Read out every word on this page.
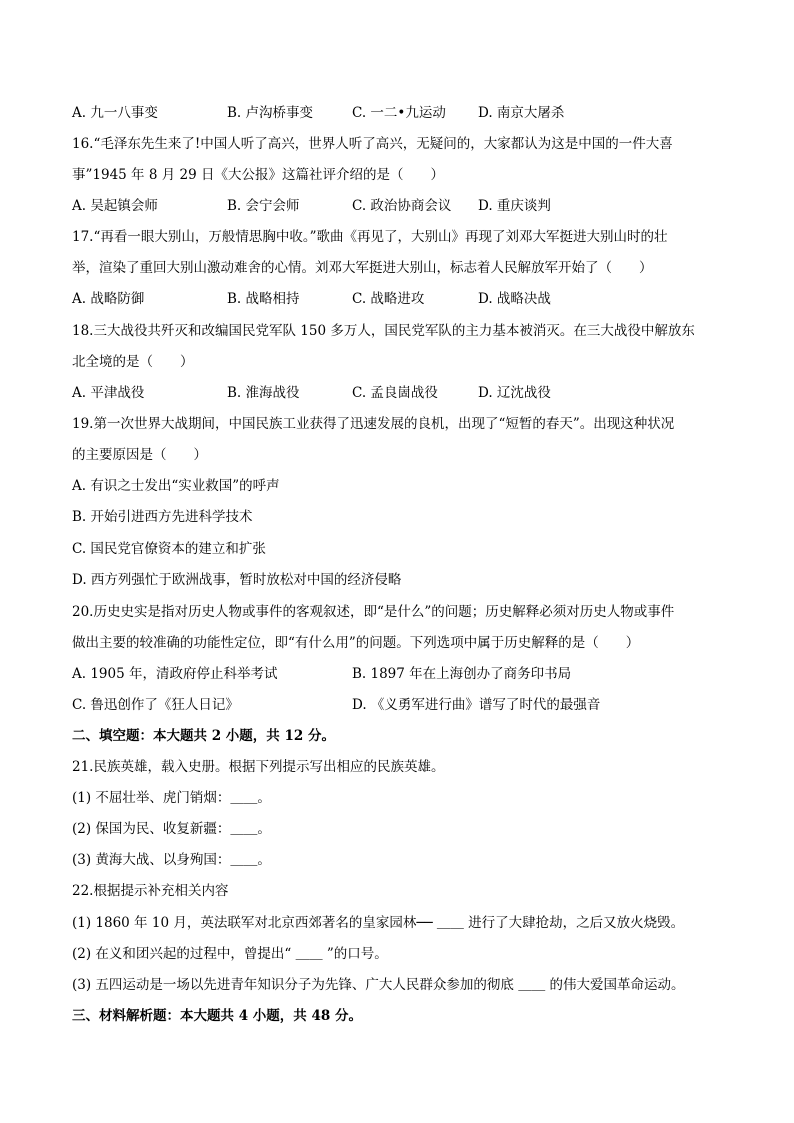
A. 九一八事变	B. 卢沟桥事变	C. 一二•九运动 D. 南京大屠杀
16.“毛泽东先生来了!中国人听了高兴，世界人听了高兴，无疑问的，大家都认为这是中国的一件大喜
事”1945 年 8 月 29 日《大公报》这篇社评介绍的是（　　）
A. 吴起镇会师	B. 会宁会师	C. 政治协商会议 D. 重庆谈判
17.“再看一眼大别山，万般情思胸中收。”歌曲《再见了，大别山》再现了刘邓大军挺进大别山时的壮
举，渲染了重回大别山激动难舍的心情。刘邓大军挺进大别山，标志着人民解放军开始了（　　）
A. 战略防御	B. 战略相持	C. 战略进攻	D. 战略决战
18.三大战役共歼灭和改编国民党军队 150 多万人，国民党军队的主力基本被消灭。在三大战役中解放东
北全境的是（　　）
A. 平津战役	B. 淮海战役	C. 孟良崮战役	D. 辽沈战役
19.第一次世界大战期间，中国民族工业获得了迅速发展的良机，出现了“短暂的春天”。出现这种状况
的主要原因是（　　）
A. 有识之士发出“实业救国”的呼声
B. 开始引进西方先进科学技术
C. 国民党官僚资本的建立和扩张
D. 西方列强忙于欧洲战事，暂时放松对中国的经济侵略
20.历史史实是指对历史人物或事件的客观叙述，即“是什么”的问题；历史解释必须对历史人物或事件
做出主要的较准确的功能性定位，即“有什么用”的问题。下列选项中属于历史解释的是（　　）
A. 1905 年，清政府停止科举考试	B. 1897 年在上海创办了商务印书局
C. 鲁迅创作了《狂人日记》	D. 《义勇军进行曲》谱写了时代的最强音
二、填空题：本大题共 2 小题，共 12 分。
21.民族英雄，载入史册。根据下列提示写出相应的民族英雄。
(1) 不屈壮举、虎门销烟：＿＿。
(2) 保国为民、收复新疆：＿＿。
(3) 黄海大战、以身殉国：＿＿。
22.根据提示补充相关内容
(1) 1860 年 10 月，英法联军对北京西郊著名的皇家园林── ＿＿ 进行了大肆抢劫，之后又放火烧毁。
(2) 在义和团兴起的过程中，曾提出“ ＿＿ ”的口号。
(3) 五四运动是一场以先进青年知识分子为先锋、广大人民群众参加的彻底 ＿＿ 的伟大爱国革命运动。
三、材料解析题：本大题共 4 小题，共 48 分。
